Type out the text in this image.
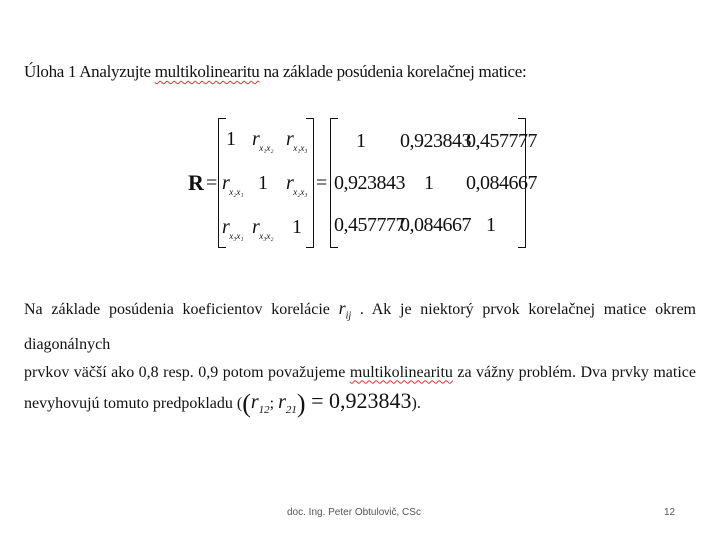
Úloha 1 Analyzujte multikolinearitu na základe posúdenia korelačnej matice:
R =
1 $r_{x_1x_2}$ $r_{x_1x_3}$
$r_{x_2x_1}$ 1 $r_{x_2x_3}$
$r_{x_3x_1}$ $r_{x_3x_2}$ 1
=
1 0,923843
0,457777
0,923843 1 0,084667
0,457777
0,084667 1
Na základe posúdenia koeficientov korelácie $r_{ij}$ . Ak je niektorý prvok korelačnej matice okrem diagonálnych
prvkov väčší ako 0,8 resp. 0,9 potom považujeme multikolinearitu za vážny problém. Dva prvky matice
nevyhovujú tomuto predpokladu (($r_{12}$; $r_{21}) = 0,923843$).
doc. Ing. Peter Obtulovič, CSc	12
